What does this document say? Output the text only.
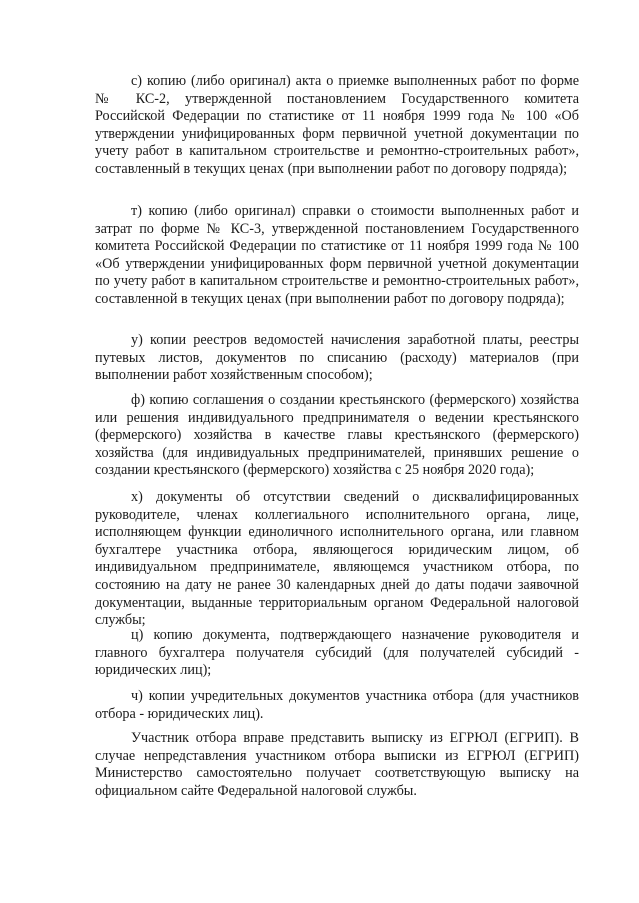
с) копию (либо оригинал) акта о приемке выполненных работ по форме № КС-2, утвержденной постановлением Государственного комитета Российской Федерации по статистике от 11 ноября 1999 года № 100 «Об утверждении унифицированных форм первичной учетной документации по учету работ в капитальном строительстве и ремонтно-строительных работ», составленный в текущих ценах (при выполнении работ по договору подряда);

т) копию (либо оригинал) справки о стоимости выполненных работ и затрат по форме № КС-3, утвержденной постановлением Государственного комитета Российской Федерации по статистике от 11 ноября 1999 года № 100 «Об утверждении унифицированных форм первичной учетной документации по учету работ в капитальном строительстве и ремонтно-строительных работ», составленной в текущих ценах (при выполнении работ по договору подряда);

у) копии реестров ведомостей начисления заработной платы, реестры путевых листов, документов по списанию (расходу) материалов (при выполнении работ хозяйственным способом);

ф) копию соглашения о создании крестьянского (фермерского) хозяйства или решения индивидуального предпринимателя о ведении крестьянского (фермерского) хозяйства в качестве главы крестьянского (фермерского) хозяйства (для индивидуальных предпринимателей, принявших решение о создании крестьянского (фермерского) хозяйства с 25 ноября 2020 года);

х) документы об отсутствии сведений о дисквалифицированных руководителе, членах коллегиального исполнительного органа, лице, исполняющем функции единоличного исполнительного органа, или главном бухгалтере участника отбора, являющегося юридическим лицом, об индивидуальном предпринимателе, являющемся участником отбора, по состоянию на дату не ранее 30 календарных дней до даты подачи заявочной документации, выданные территориальным органом Федеральной налоговой службы;

ц) копию документа, подтверждающего назначение руководителя и главного бухгалтера получателя субсидий (для получателей субсидий - юридических лиц);

ч) копии учредительных документов участника отбора (для участников отбора - юридических лиц).

Участник отбора вправе представить выписку из ЕГРЮЛ (ЕГРИП). В случае непредставления участником отбора выписки из ЕГРЮЛ (ЕГРИП) Министерство самостоятельно получает соответствующую выписку на официальном сайте Федеральной налоговой службы.
